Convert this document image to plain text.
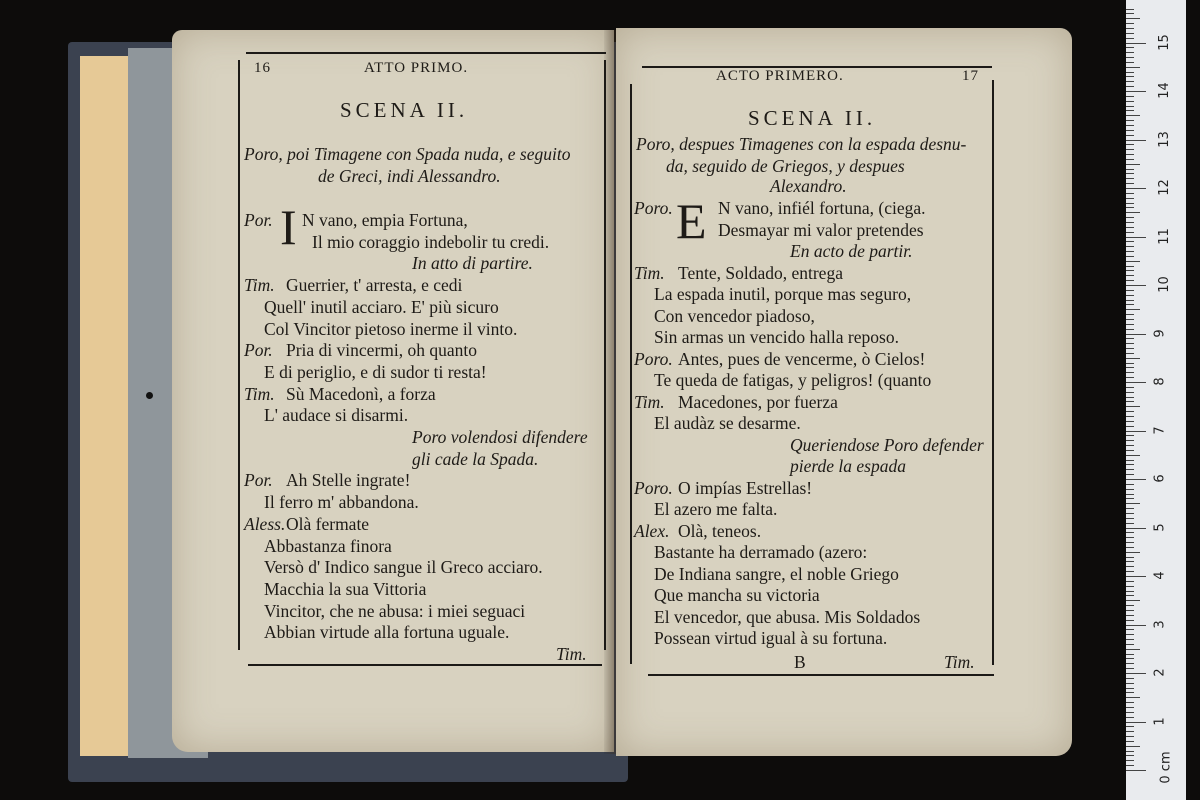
16	ATTO PRIMO.
SCENA II.
Poro, poi Timagene con Spada nuda, e seguito
de Greci, indi Alessandro.
Por. N vano, empia Fortuna,
Il mio coraggio indebolir tu credi.
In atto di partire.
Tim. Guerrier, t' arresta, e cedi
Quell' inutil acciaro. E' più sicuro
Col Vincitor pietoso inerme il vinto.
Por. Pria di vincermi, oh quanto
E di periglio, e di sudor ti resta!
Tim. Sù Macedonì, a forza
L' audace si disarmi.
Poro volendosi difendere
gli cade la Spada.
Por. Ah Stelle ingrate!
Il ferro m' abbandona.
Aless. Olà fermate
Abbastanza finora
Versò d' Indico sangue il Greco acciaro.
Macchia la sua Vittoria
Vincitor, che ne abusa: i miei seguaci
Abbian virtude alla fortuna uguale.
I
Tim.
ACTO PRIMERO.	17
SCENA II.
Poro, despues Timagenes con la espada desnu-
da, seguido de Griegos, y despues
Alexandro.
Poro.	N vano, infiél fortuna, (ciega.
Desmayar mi valor pretendes
En acto de partir.
Tim. Tente, Soldado, entrega
La espada inutil, porque mas seguro,
Con vencedor piadoso,
Sin armas un vencido halla reposo.
Poro. Antes, pues de vencerme, ò Cielos!
Te queda de fatigas, y peligros! (quanto
Tim. Macedones, por fuerza
El audàz se desarme.
Queriendose Poro defender
pierde la espada
Poro. O impías Estrellas!
El azero me falta.
Alex. Olà, teneos.
Bastante ha derramado (azero:
De Indiana sangre, el noble Griego
Que mancha su victoria
El vencedor, que abusa. Mis Soldados
Possean virtud igual à su fortuna.
E
B	Tim.
1
2
3
4
5
6
7
8
9
10
11
12
13
14
15
0 cm
